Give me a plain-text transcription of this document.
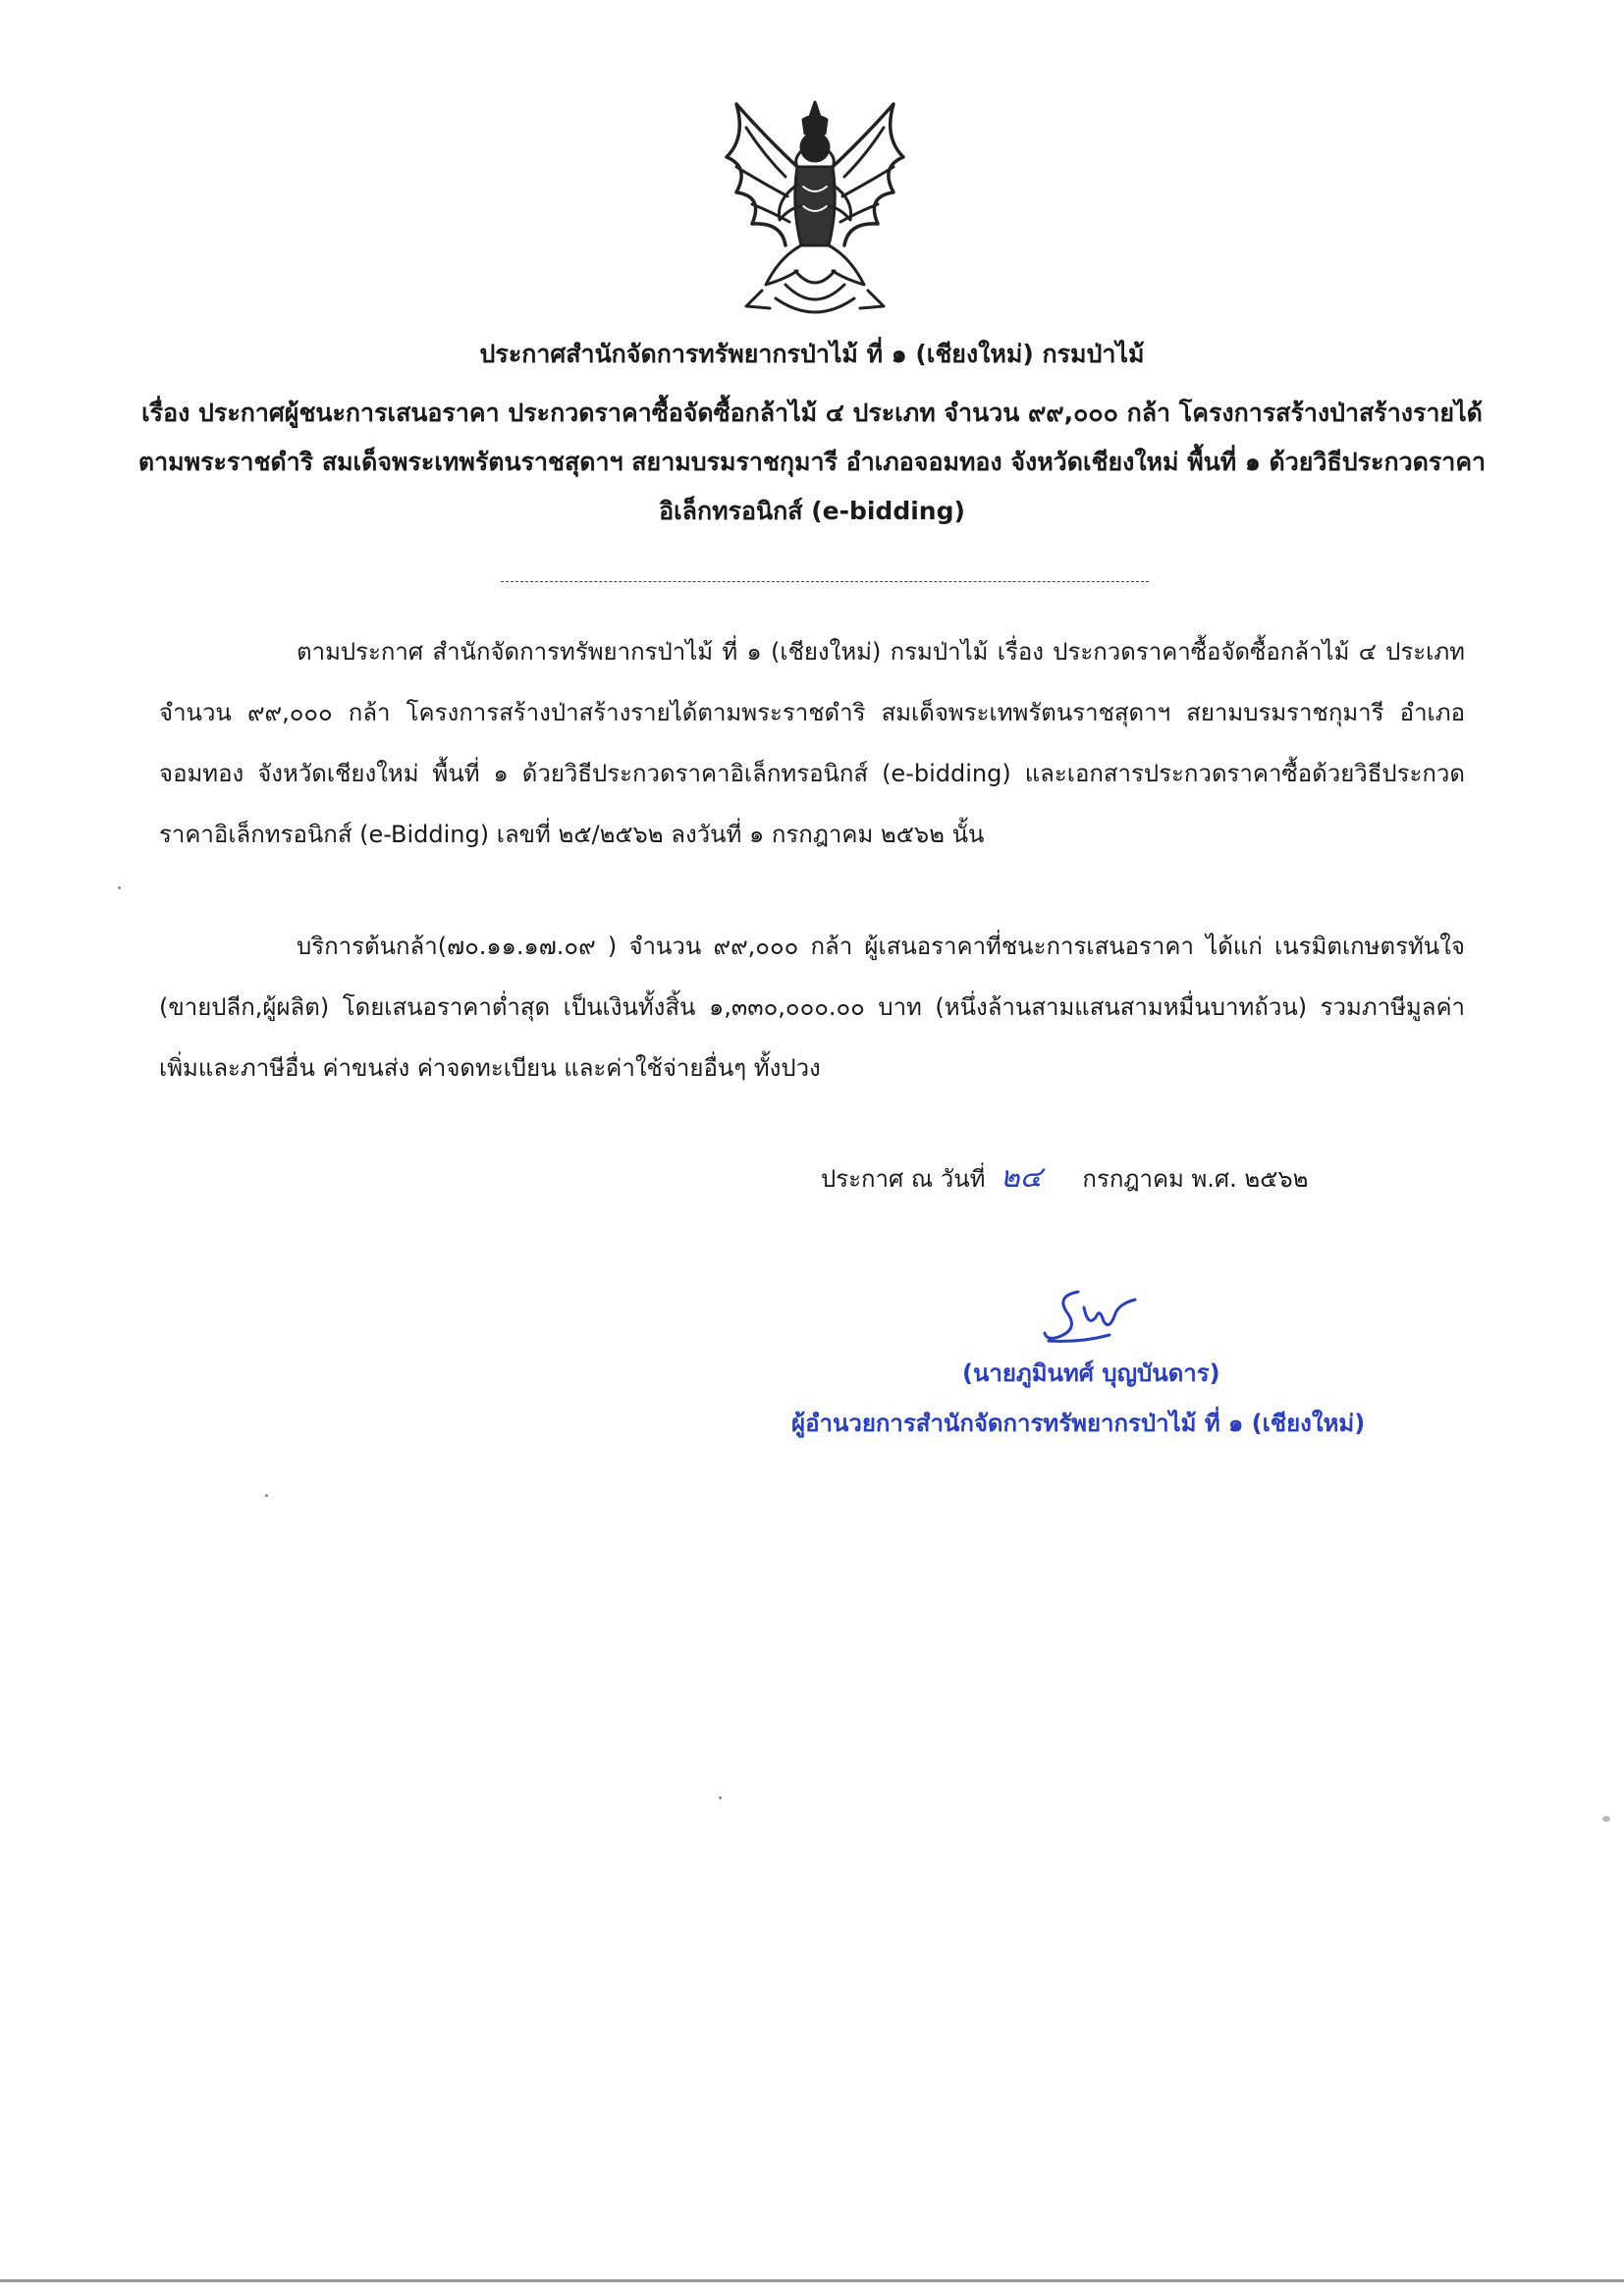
ประกาศสำนักจัดการทรัพยากรป่าไม้ ที่ ๑ (เชียงใหม่) กรมป่าไม้
เรื่อง ประกาศผู้ชนะการเสนอราคา ประกวดราคาซื้อจัดซื้อกล้าไม้ ๔ ประเภท จำนวน ๙๙,๐๐๐ กล้า โครงการสร้างป่าสร้างรายได้ตามพระราชดำริ สมเด็จพระเทพรัตนราชสุดาฯ สยามบรมราชกุมารี อำเภอจอมทอง จังหวัดเชียงใหม่ พื้นที่ ๑ ด้วยวิธีประกวดราคาอิเล็กทรอนิกส์ (e-bidding)
ตามประกาศ สำนักจัดการทรัพยากรป่าไม้ ที่ ๑ (เชียงใหม่) กรมป่าไม้ เรื่อง ประกวดราคาซื้อจัดซื้อกล้าไม้ ๔ ประเภท จำนวน ๙๙,๐๐๐ กล้า โครงการสร้างป่าสร้างรายได้ตามพระราชดำริ สมเด็จพระเทพรัตนราชสุดาฯ สยามบรมราชกุมารี อำเภอจอมทอง จังหวัดเชียงใหม่ พื้นที่ ๑ ด้วยวิธีประกวดราคาอิเล็กทรอนิกส์ (e-bidding) และเอกสารประกวดราคาซื้อด้วยวิธีประกวดราคาอิเล็กทรอนิกส์ (e-Bidding) เลขที่ ๒๕/๒๕๖๒ ลงวันที่ ๑ กรกฎาคม ๒๕๖๒ นั้น
บริการต้นกล้า(๗๐.๑๑.๑๗.๐๙ ) จำนวน ๙๙,๐๐๐ กล้า ผู้เสนอราคาที่ชนะการเสนอราคา ได้แก่ เนรมิตเกษตรทันใจ (ขายปลีก,ผู้ผลิต) โดยเสนอราคาต่ำสุด เป็นเงินทั้งสิ้น ๑,๓๓๐,๐๐๐.๐๐ บาท (หนึ่งล้านสามแสนสามหมื่นบาทถ้วน) รวมภาษีมูลค่าเพิ่มและภาษีอื่น ค่าขนส่ง ค่าจดทะเบียน และค่าใช้จ่ายอื่นๆ ทั้งปวง
ประกาศ ณ วันที่ ๒๔ กรกฎาคม พ.ศ. ๒๕๖๒
(นายภูมินทศ์ บุญบันดาร)
ผู้อำนวยการสำนักจัดการทรัพยากรป่าไม้ ที่ ๑ (เชียงใหม่)
